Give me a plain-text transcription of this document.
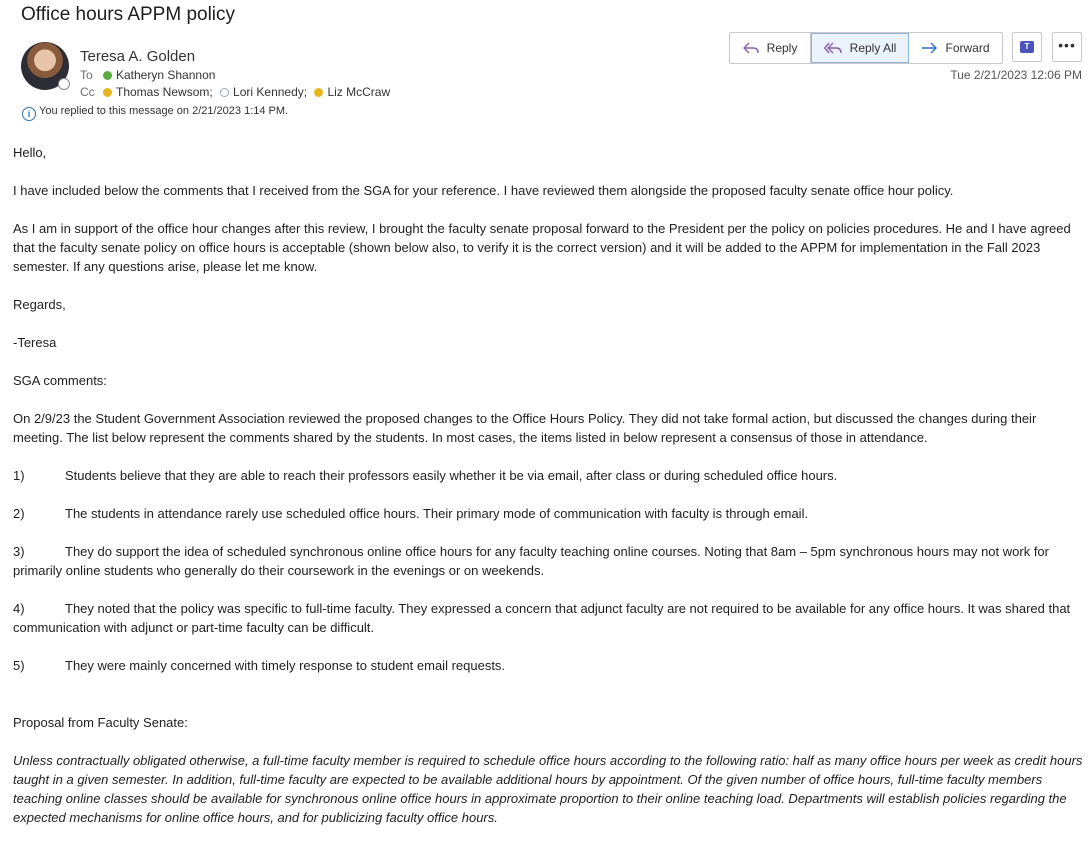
Office hours APPM policy
Teresa A. Golden
To Katheryn Shannon
Cc Thomas Newsom; Lori Kennedy; Liz McCraw
i You replied to this message on 2/21/2023 1:14 PM.
Reply	Reply All	Forward	T	•••
Tue 2/21/2023 12:06 PM

Hello,

I have included below the comments that I received from the SGA for your reference. I have reviewed them alongside the proposed faculty senate office hour policy.

As I am in support of the office hour changes after this review, I brought the faculty senate proposal forward to the President per the policy on policies procedures. He and I have agreed that the faculty senate policy on office hours is acceptable (shown below also, to verify it is the correct version) and it will be added to the APPM for implementation in the Fall 2023 semester. If any questions arise, please let me know.

Regards,

-Teresa

SGA comments:

On 2/9/23 the Student Government Association reviewed the proposed changes to the Office Hours Policy. They did not take formal action, but discussed the changes during their meeting. The list below represent the comments shared by the students. In most cases, the items listed in below represent a consensus of those in attendance.

1)	Students believe that they are able to reach their professors easily whether it be via email, after class or during scheduled office hours.
2)	The students in attendance rarely use scheduled office hours. Their primary mode of communication with faculty is through email.
3)	They do support the idea of scheduled synchronous online office hours for any faculty teaching online courses. Noting that 8am – 5pm synchronous hours may not work for primarily online students who generally do their coursework in the evenings or on weekends.
4)	They noted that the policy was specific to full-time faculty. They expressed a concern that adjunct faculty are not required to be available for any office hours. It was shared that communication with adjunct or part-time faculty can be difficult.
5)	They were mainly concerned with timely response to student email requests.

Proposal from Faculty Senate:

Unless contractually obligated otherwise, a full-time faculty member is required to schedule office hours according to the following ratio: half as many office hours per week as credit hours taught in a given semester. In addition, full-time faculty are expected to be available additional hours by appointment. Of the given number of office hours, full-time faculty members teaching online classes should be available for synchronous online office hours in approximate proportion to their online teaching load. Departments will establish policies regarding the expected mechanisms for online office hours, and for publicizing faculty office hours.
